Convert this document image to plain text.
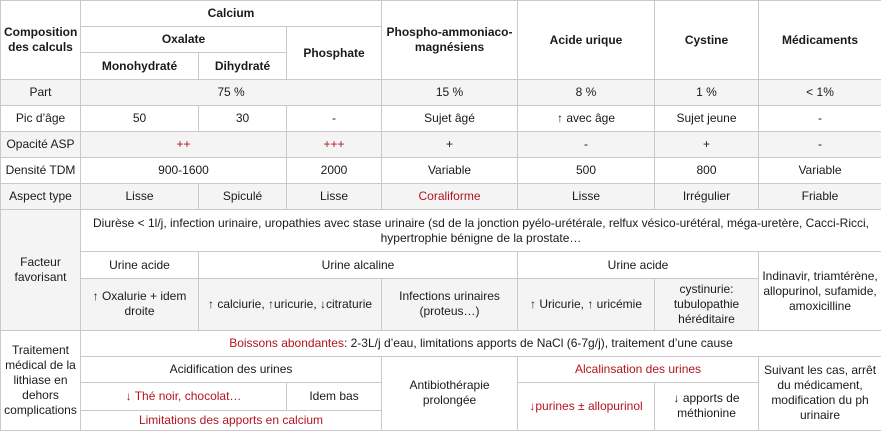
Composition des calculs	Calcium			Phospho-ammoniaco-magnésiens	Acide urique	Cystine	Médicaments
	Oxalate		Phosphate				
	Monohydraté	Dihydraté					
Part	75 %			15 %	8 %	1 %	< 1%
Pic d’âge	50	30	-	Sujet âgé	↑ avec âge	Sujet jeune	-
Opacité ASP	++		+++	+	-	+	-
Densité TDM	900-1600		2000	Variable	500	800	Variable
Aspect type	Lisse	Spiculé	Lisse	Coraliforme	Lisse	Irrégulier	Friable
Facteur favorisant	Diurèse < 1l/j, infection urinaire, uropathies avec stase urinaire (sd de la jonction pyélo-urétérale, relfux vésico-urétéral, méga-uretère, Cacci-Ricci, hypertrophie bénigne de la prostate…						
	Urine acide	Urine alcaline			Urine acide		Indinavir, triamtérène, allopurinol, sufamide, amoxicilline
	↑ Oxalurie + idem droite	↑ calciurie, ↑uricurie, ↓citraturie		Infections urinaires (proteus…)	↑ Uricurie, ↑ uricémie	cystinurie: tubulopathie héréditaire	
Traitement médical de la lithiase en dehors complications	Boissons abondantes: 2-3L/j d’eau, limitations apports de NaCl (6-7g/j), traitement d’une cause						
	Acidification des urines			Antibiothérapie prolongée	Alcalinsation des urines		Suivant les cas, arrêt du médicament, modification du ph urinaire
	↓ Thé noir, chocolat…		Idem bas		↓purines ± allopurinol	↓ apports de méthionine	
	Limitations des apports en calcium						
